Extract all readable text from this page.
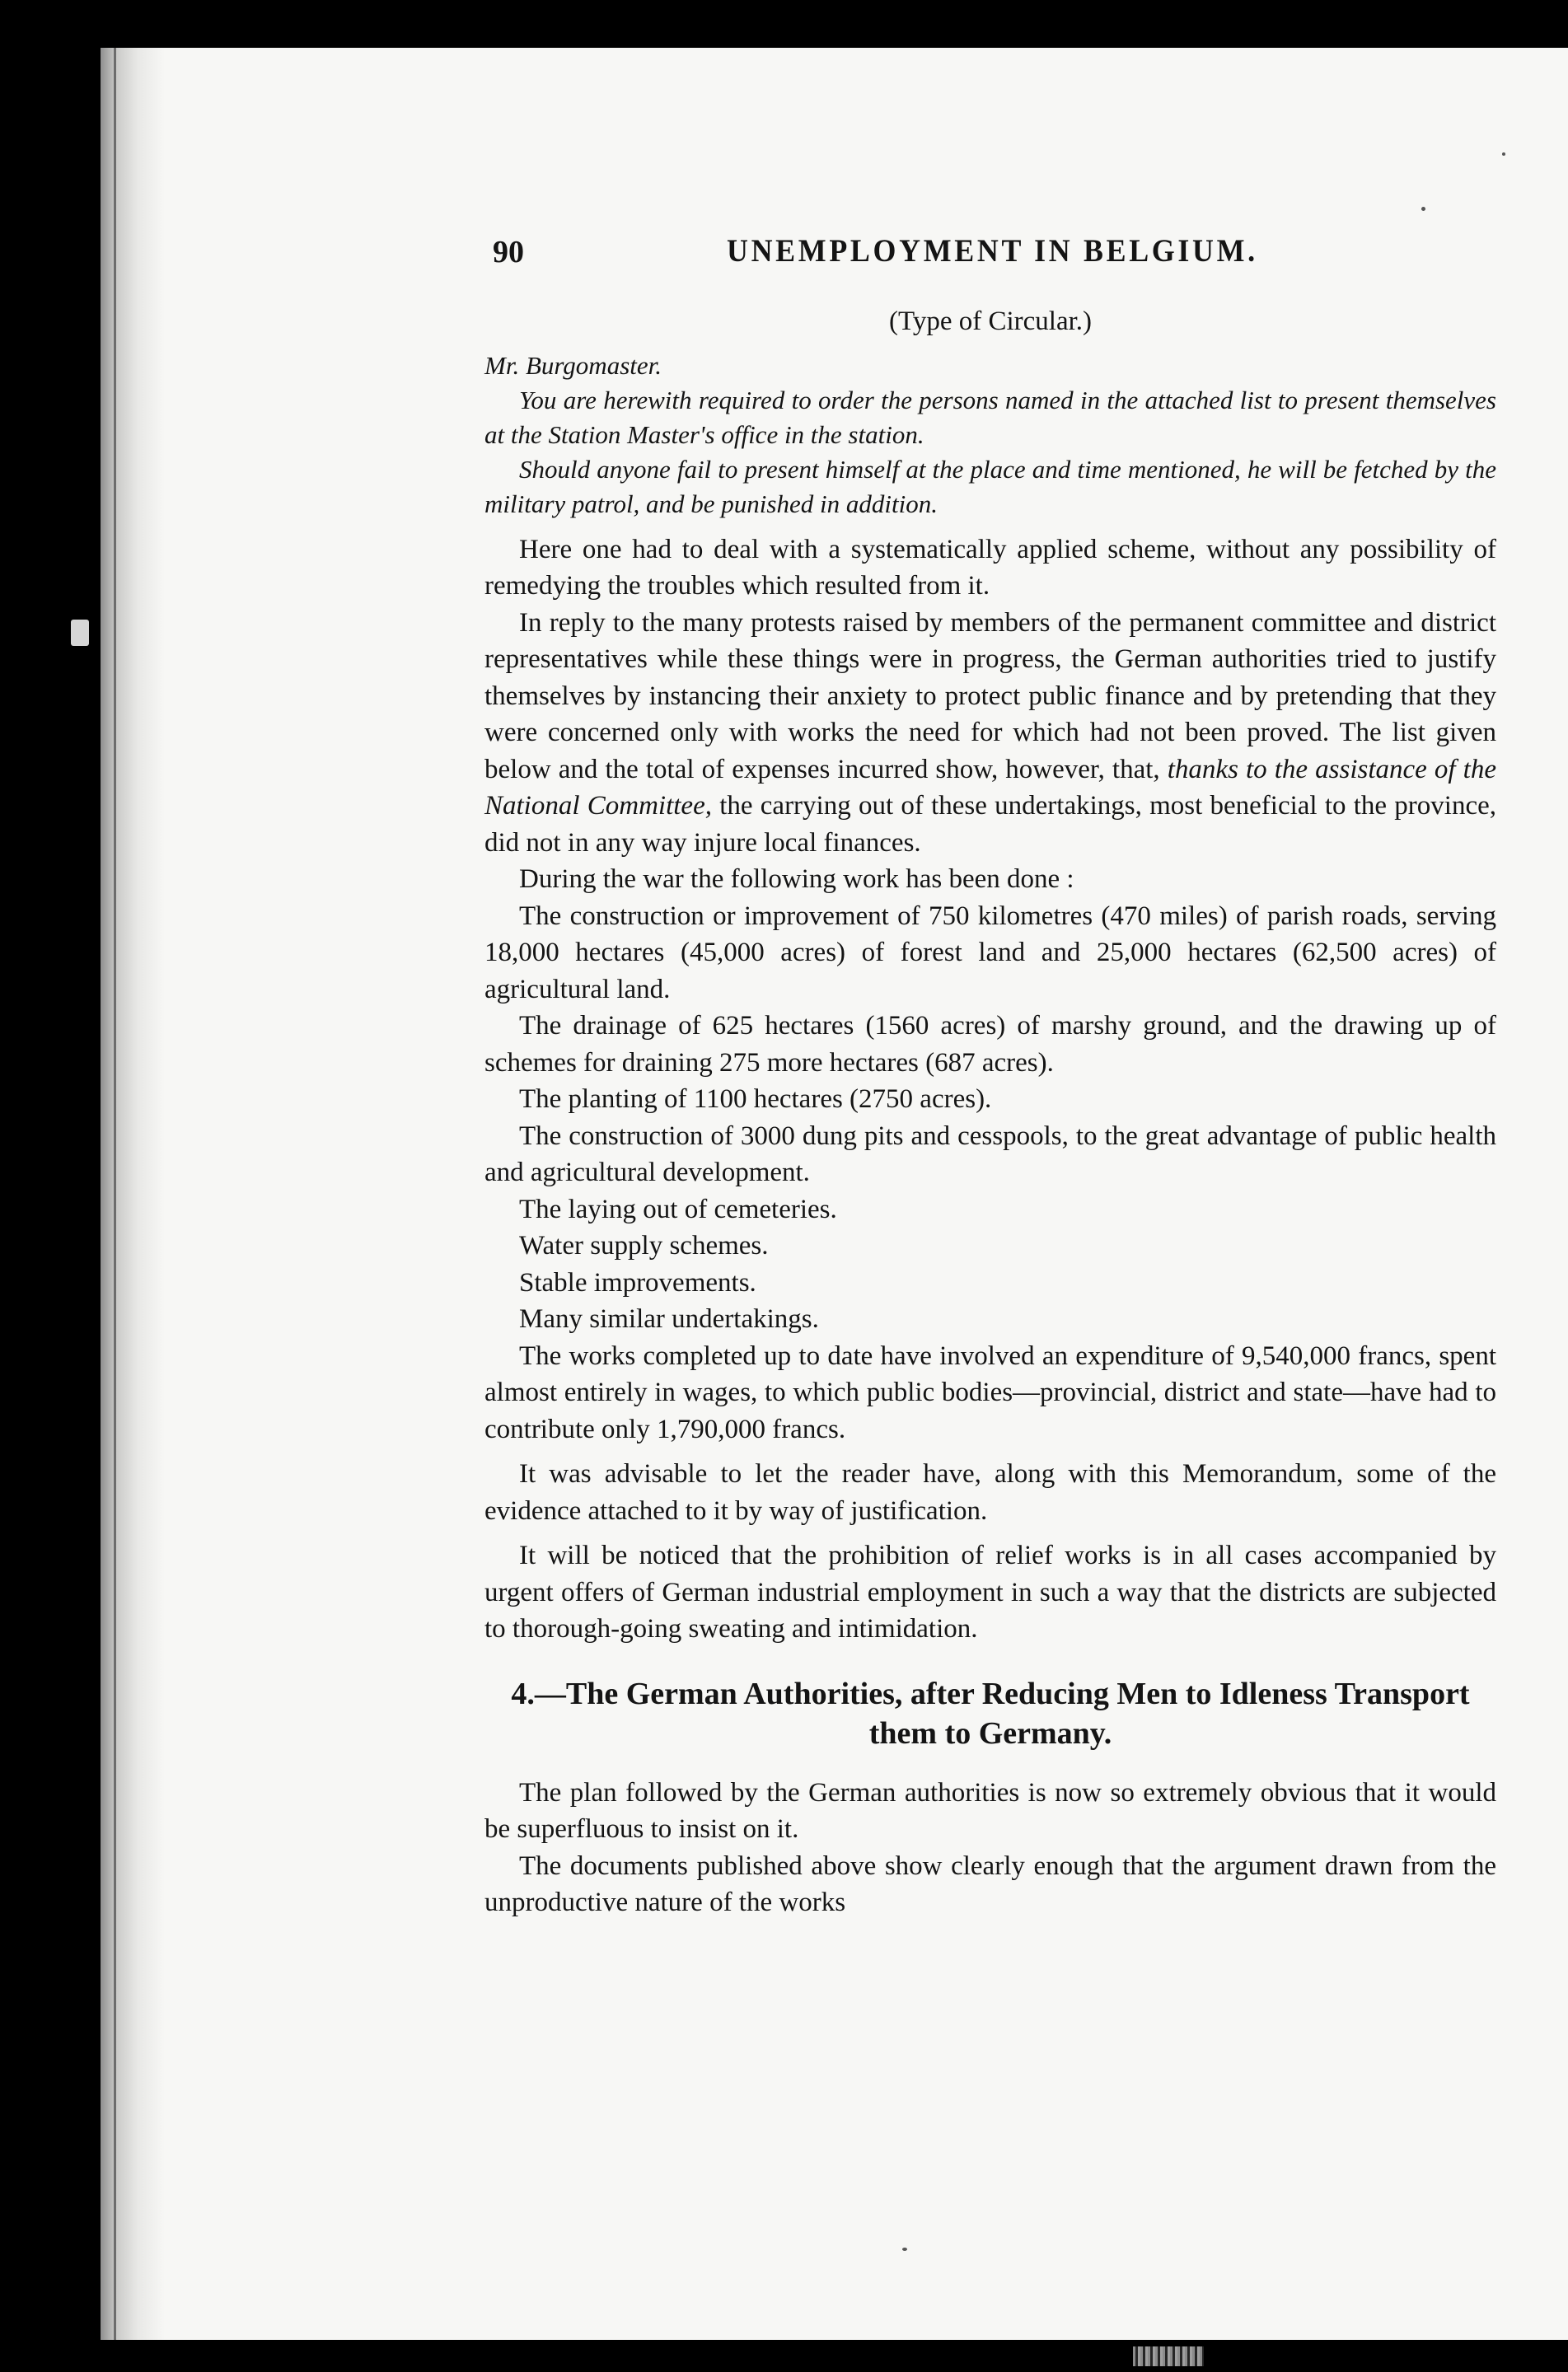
90	UNEMPLOYMENT IN BELGIUM.
(Type of Circular.)

Mr. Burgomaster.

You are herewith required to order the persons named in the attached list to present themselves at the Station Master's office in the station.

Should anyone fail to present himself at the place and time mentioned, he will be fetched by the military patrol, and be punished in addition.

Here one had to deal with a systematically applied scheme, without any possibility of remedying the troubles which resulted from it.

In reply to the many protests raised by members of the permanent committee and district representatives while these things were in progress, the German authorities tried to justify themselves by instancing their anxiety to protect public finance and by pretending that they were concerned only with works the need for which had not been proved. The list given below and the total of expenses incurred show, however, that, thanks to the assistance of the National Committee, the carrying out of these undertakings, most beneficial to the province, did not in any way injure local finances.

During the war the following work has been done :

The construction or improvement of 750 kilometres (470 miles) of parish roads, serving 18,000 hectares (45,000 acres) of forest land and 25,000 hectares (62,500 acres) of agricultural land.

The drainage of 625 hectares (1560 acres) of marshy ground, and the drawing up of schemes for draining 275 more hectares (687 acres).

The planting of 1100 hectares (2750 acres).

The construction of 3000 dung pits and cesspools, to the great advantage of public health and agricultural development.

The laying out of cemeteries.

Water supply schemes.

Stable improvements.

Many similar undertakings.

The works completed up to date have involved an expenditure of 9,540,000 francs, spent almost entirely in wages, to which public bodies—provincial, district and state—have had to contribute only 1,790,000 francs.

It was advisable to let the reader have, along with this Memorandum, some of the evidence attached to it by way of justification.

It will be noticed that the prohibition of relief works is in all cases accompanied by urgent offers of German industrial employment in such a way that the districts are subjected to thorough-going sweating and intimidation.

4.—The German Authorities, after Reducing Men to Idleness Transport them to Germany.

The plan followed by the German authorities is now so extremely obvious that it would be superfluous to insist on it.

The documents published above show clearly enough that the argument drawn from the unproductive nature of the works
